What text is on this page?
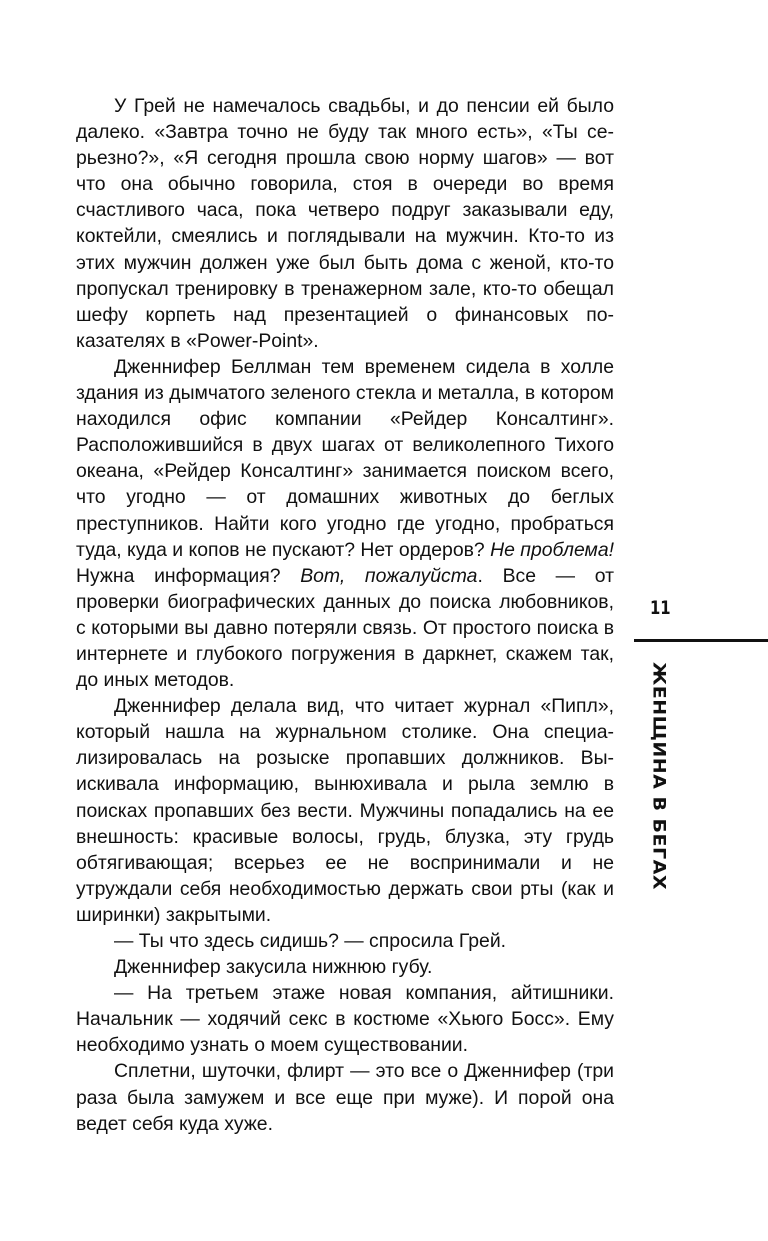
У Грей не намечалось свадьбы, и до пенсии ей было далеко. «Завтра точно не буду так много есть», «Ты серьезно?», «Я сегодня прошла свою норму шагов» — вот что она обычно говорила, стоя в очереди во время счастливого часа, пока четверо подруг заказывали еду, коктейли, смеялись и поглядывали на мужчин. Кто-то из этих мужчин должен уже был быть дома с женой, кто-то пропускал тренировку в тренажерном зале, кто-то обещал шефу корпеть над презентацией о финансовых показателях в «Power-Point».

Дженнифер Беллман тем временем сидела в холле здания из дымчатого зеленого стекла и металла, в котором находился офис компании «Рейдер Консалтинг». Расположившийся в двух шагах от великолепного Тихого океана, «Рейдер Консалтинг» занимается поиском всего, что угодно — от домашних животных до беглых преступников. Найти кого угодно где угодно, пробраться туда, куда и копов не пускают? Нет ордеров? Не проблема! Нужна информация? Вот, пожалуйста. Все — от проверки биографических данных до поиска любовников, с которыми вы давно потеряли связь. От простого поиска в интернете и глубокого погружения в даркнет, скажем так, до иных методов.

Дженнифер делала вид, что читает журнал «Пипл», который нашла на журнальном столике. Она специализировалась на розыске пропавших должников. Выискивала информацию, вынюхивала и рыла землю в поисках пропавших без вести. Мужчины попадались на ее внешность: красивые волосы, грудь, блузка, эту грудь обтягивающая; всерьез ее не воспринимали и не утруждали себя необходимостью держать свои рты (как и ширинки) закрытыми.

— Ты что здесь сидишь? — спросила Грей.

Дженнифер закусила нижнюю губу.

— На третьем этаже новая компания, айтишники. Начальник — ходячий секс в костюме «Хьюго Босс». Ему необходимо узнать о моем существовании.

Сплетни, шуточки, флирт — это все о Дженнифер (три раза была замужем и все еще при муже). И порой она ведет себя куда хуже.

11
ЖЕНЩИНА В БЕГАХ
